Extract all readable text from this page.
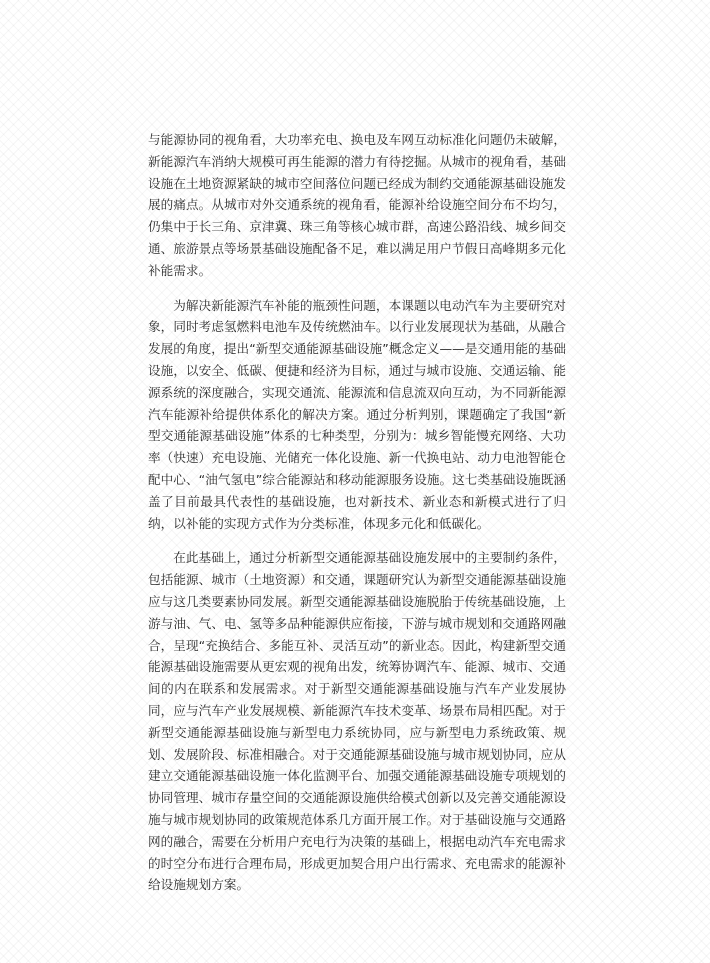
与能源协同的视角看，大功率充电、换电及车网互动标准化问题仍未破解，新能源汽车消纳大规模可再生能源的潜力有待挖掘。从城市的视角看，基础设施在土地资源紧缺的城市空间落位问题已经成为制约交通能源基础设施发展的痛点。从城市对外交通系统的视角看，能源补给设施空间分布不均匀，仍集中于长三角、京津冀、珠三角等核心城市群，高速公路沿线、城乡间交通、旅游景点等场景基础设施配备不足，难以满足用户节假日高峰期多元化补能需求。

为解决新能源汽车补能的瓶颈性问题，本课题以电动汽车为主要研究对象，同时考虑氢燃料电池车及传统燃油车。以行业发展现状为基础，从融合发展的角度，提出“新型交通能源基础设施”概念定义——是交通用能的基础设施，以安全、低碳、便捷和经济为目标，通过与城市设施、交通运输、能源系统的深度融合，实现交通流、能源流和信息流双向互动，为不同新能源汽车能源补给提供体系化的解决方案。通过分析判别，课题确定了我国“新型交通能源基础设施”体系的七种类型，分别为：城乡智能慢充网络、大功率（快速）充电设施、光储充一体化设施、新一代换电站、动力电池智能仓配中心、“油气氢电”综合能源站和移动能源服务设施。这七类基础设施既涵盖了目前最具代表性的基础设施，也对新技术、新业态和新模式进行了归纳，以补能的实现方式作为分类标准，体现多元化和低碳化。

在此基础上，通过分析新型交通能源基础设施发展中的主要制约条件，包括能源、城市（土地资源）和交通，课题研究认为新型交通能源基础设施应与这几类要素协同发展。新型交通能源基础设施脱胎于传统基础设施，上游与油、气、电、氢等多品种能源供应衔接，下游与城市规划和交通路网融合，呈现“充换结合、多能互补、灵活互动”的新业态。因此，构建新型交通能源基础设施需要从更宏观的视角出发，统筹协调汽车、能源、城市、交通间的内在联系和发展需求。对于新型交通能源基础设施与汽车产业发展协同，应与汽车产业发展规模、新能源汽车技术变革、场景布局相匹配。对于新型交通能源基础设施与新型电力系统协同，应与新型电力系统政策、规划、发展阶段、标准相融合。对于交通能源基础设施与城市规划协同，应从建立交通能源基础设施一体化监测平台、加强交通能源基础设施专项规划的协同管理、城市存量空间的交通能源设施供给模式创新以及完善交通能源设施与城市规划协同的政策规范体系几方面开展工作。对于基础设施与交通路网的融合，需要在分析用户充电行为决策的基础上，根据电动汽车充电需求的时空分布进行合理布局，形成更加契合用户出行需求、充电需求的能源补给设施规划方案。
